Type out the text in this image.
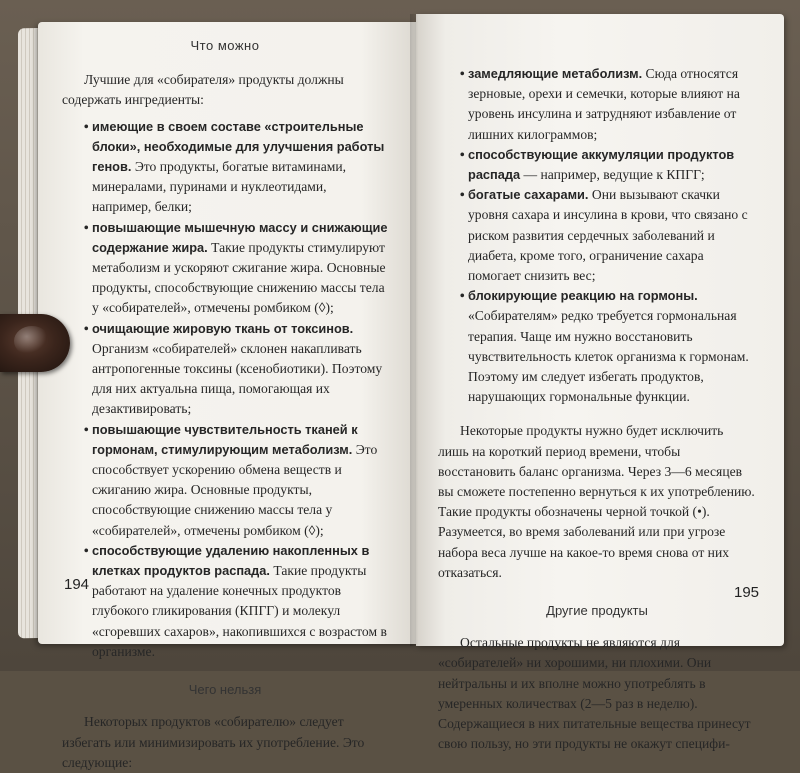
Что можно

Лучшие для «собирателя» продукты должны содержать ингредиенты:

• имеющие в своем составе «строительные блоки», необходимые для улучшения работы генов. Это продукты, богатые витаминами, минералами, пуринами и нуклеотидами, например, белки;
• повышающие мышечную массу и снижающие содержание жира. Такие продукты стимулируют метаболизм и ускоряют сжигание жира. Основные продукты, способствующие снижению массы тела у «собирателей», отмечены ромбиком (◊);
• очищающие жировую ткань от токсинов. Организм «собирателей» склонен накапливать антропогенные токсины (ксенобиотики). Поэтому для них актуальна пища, помогающая их дезактивировать;
• повышающие чувствительность тканей к гормонам, стимулирующим метаболизм. Это способствует ускорению обмена веществ и сжиганию жира. Основные продукты, способствующие снижению массы тела у «собирателей», отмечены ромбиком (◊);
• способствующие удалению накопленных в клетках продуктов распада. Такие продукты работают на удаление конечных продуктов глубокого гликирования (КПГГ) и молекул «сгоревших сахаров», накопившихся с возрастом в организме.
Чего нельзя

Некоторых продуктов «собирателю» следует избегать или минимизировать их употребление. Это следующие:

194
• замедляющие метаболизм. Сюда относятся зерновые, орехи и семечки, которые влияют на уровень инсулина и затрудняют избавление от лишних килограммов;
• способствующие аккумуляции продуктов распада — например, ведущие к КПГГ;
• богатые сахарами. Они вызывают скачки уровня сахара и инсулина в крови, что связано с риском развития сердечных заболеваний и диабета, кроме того, ограничение сахара помогает снизить вес;
• блокирующие реакцию на гормоны. «Собирателям» редко требуется гормональная терапия. Чаще им нужно восстановить чувствительность клеток организма к гормонам. Поэтому им следует избегать продуктов, нарушающих гормональные функции.

Некоторые продукты нужно будет исключить лишь на короткий период времени, чтобы восстановить баланс организма. Через 3—6 месяцев вы сможете постепенно вернуться к их употреблению. Такие продукты обозначены черной точкой (•). Разумеется, во время заболеваний или при угрозе набора веса лучше на какое-то время снова от них отказаться.

Другие продукты

Остальные продукты не являются для «собирателей» ни хорошими, ни плохими. Они нейтральны и их вполне можно употреблять в умеренных количествах (2—5 раз в неделю). Содержащиеся в них питательные вещества принесут свою пользу, но эти продукты не окажут специфи-

195
